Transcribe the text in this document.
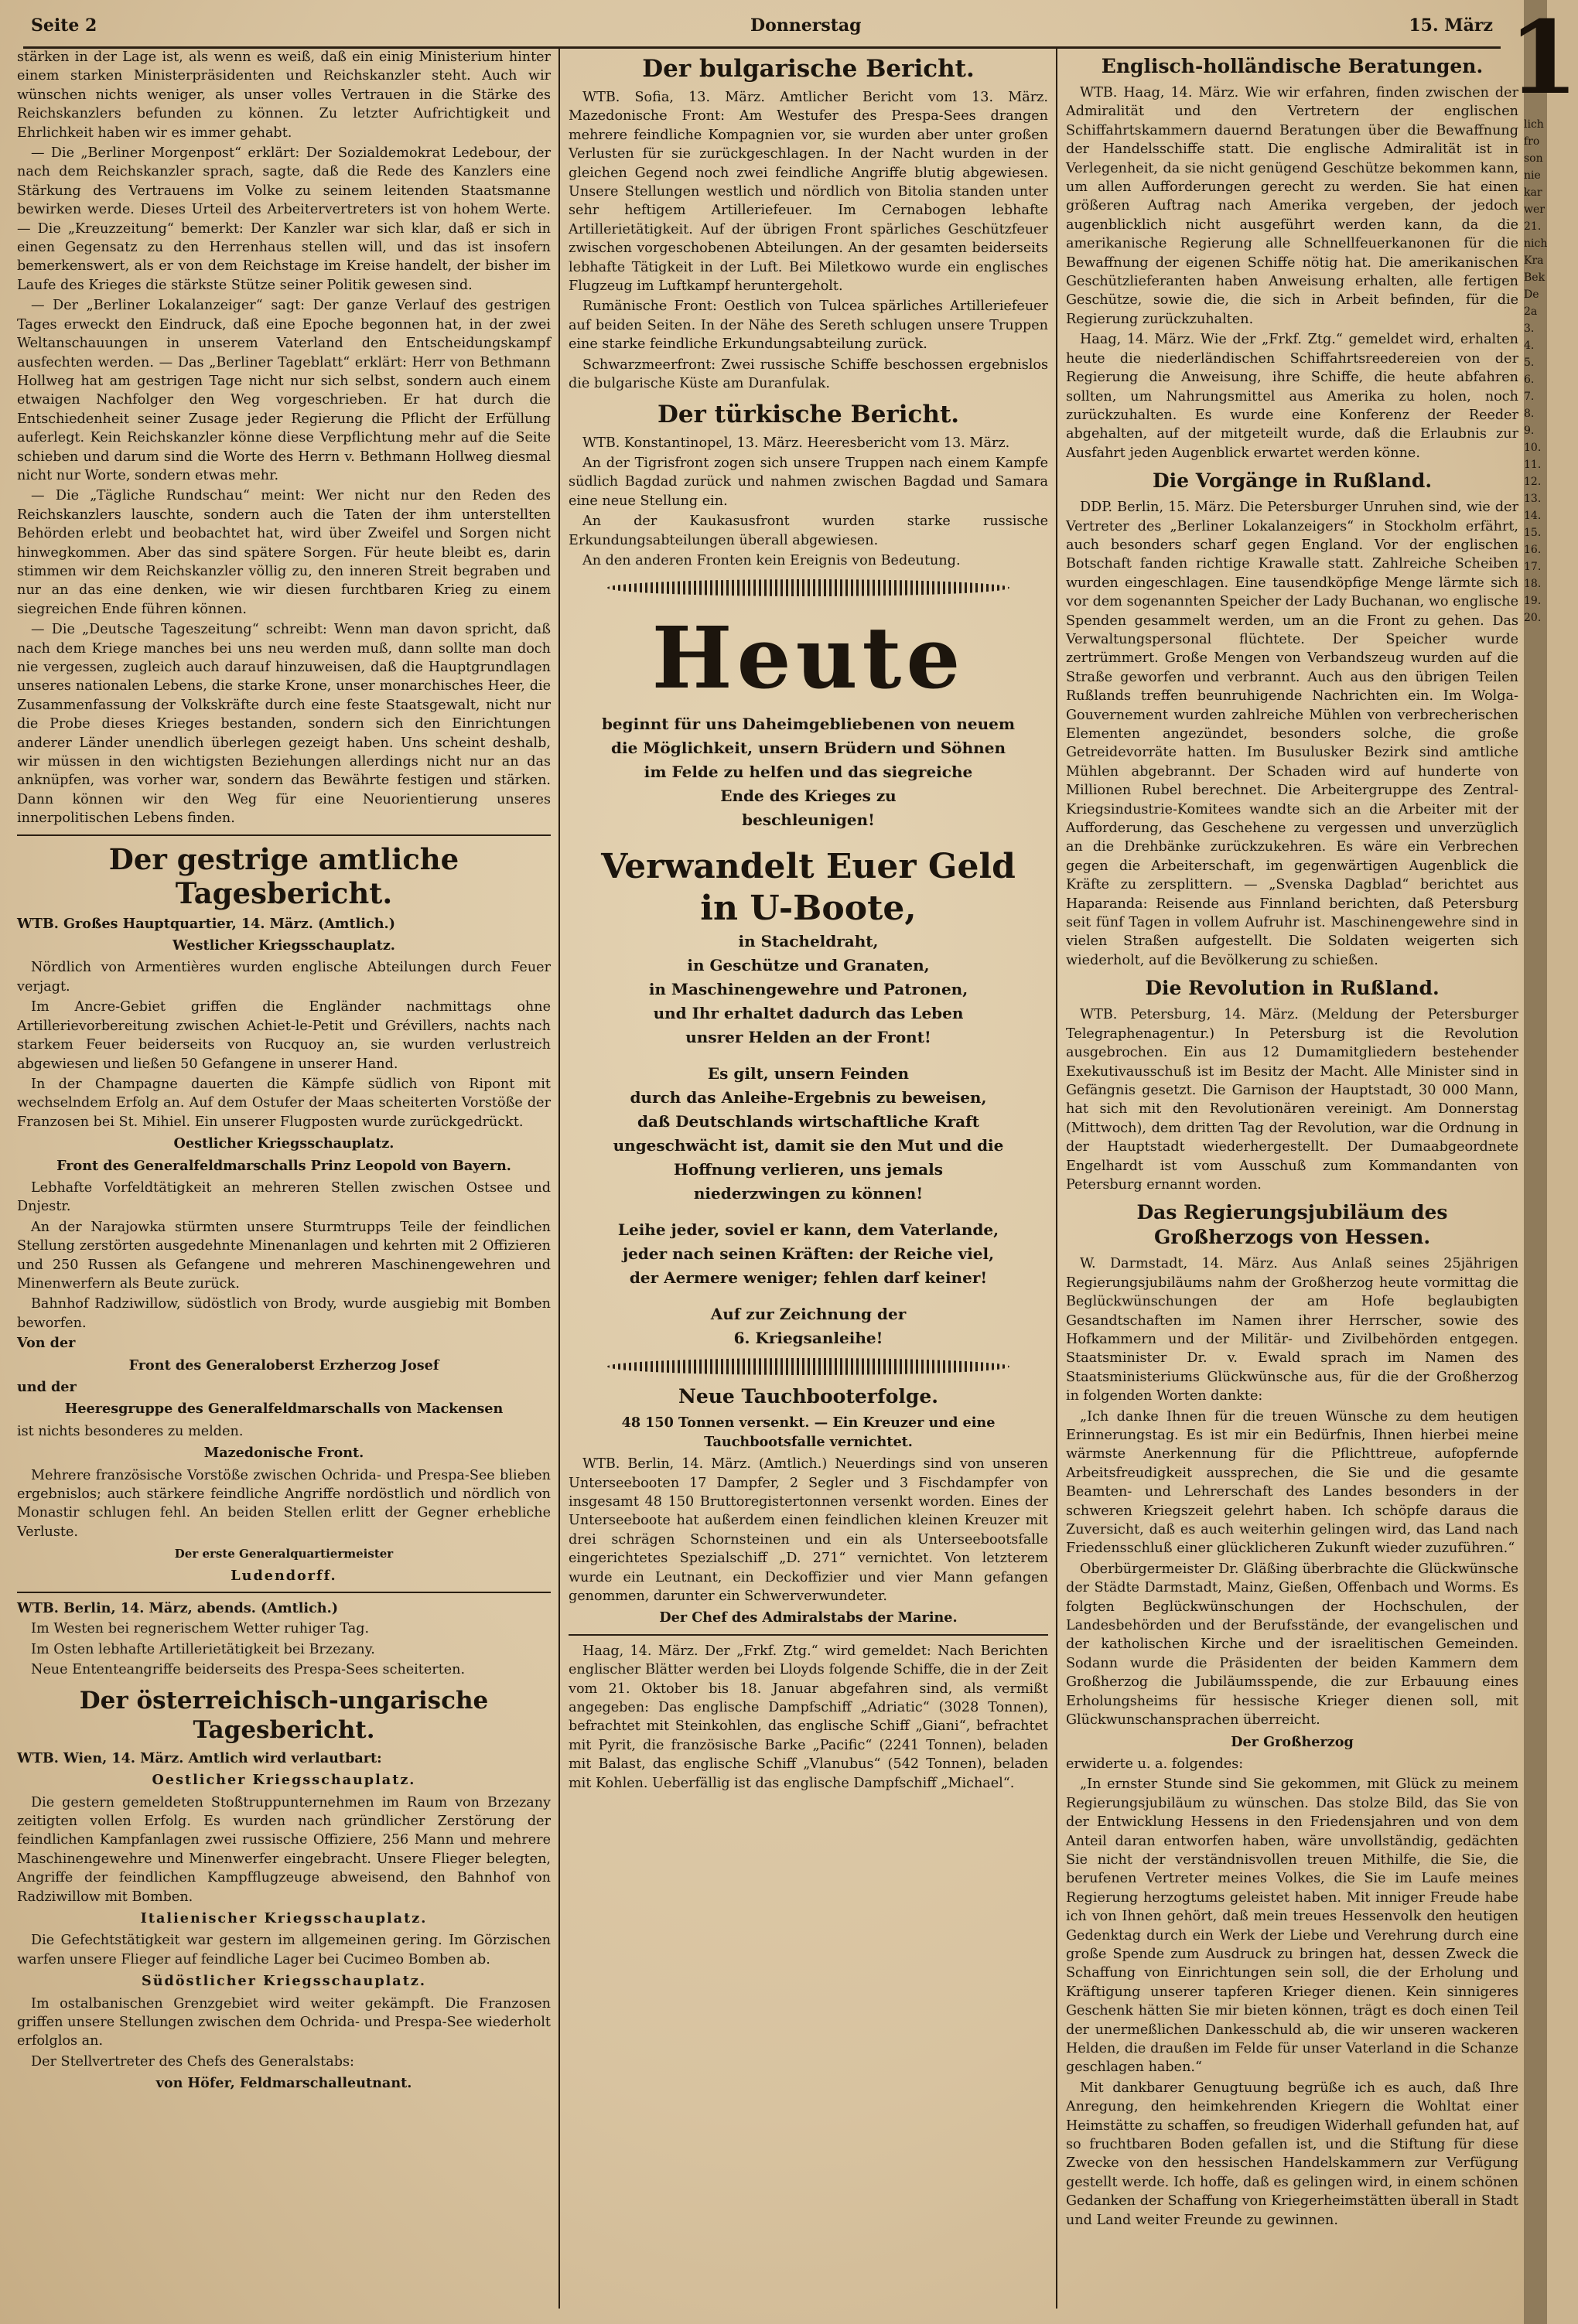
Seite 2	Donnerstag	15. März

stärken in der Lage ist, als wenn es weiß, daß ein einig Ministerium hinter einem starken Ministerpräsidenten und Reichskanzler steht. Auch wir wünschen nichts weniger, als unser volles Vertrauen in die Stärke des Reichskanzlers befunden zu können. Zu letzter Aufrichtigkeit und Ehrlichkeit haben wir es immer gehabt.

— Die „Berliner Morgenpost“ erklärt: Der Sozialdemokrat Ledebour, der nach dem Reichskanzler sprach, sagte, daß die Rede des Kanzlers eine Stärkung des Vertrauens im Volke zu seinem leitenden Staatsmanne bewirken werde. Dieses Urteil des Arbeitervertreters ist von hohem Werte. — Die „Kreuzzeitung“ bemerkt: Der Kanzler war sich klar, daß er sich in einen Gegensatz zu den Herrenhaus stellen will, und das ist insofern bemerkenswert, als er von dem Reichstage im Kreise handelt, der bisher im Laufe des Krieges die stärkste Stütze seiner Politik gewesen sind.

— Der „Berliner Lokalanzeiger“ sagt: Der ganze Verlauf des gestrigen Tages erweckt den Eindruck, daß eine Epoche begonnen hat, in der zwei Weltanschauungen in unserem Vaterland den Entscheidungskampf ausfechten werden. — Das „Berliner Tageblatt“ erklärt: Herr von Bethmann Hollweg hat am gestrigen Tage nicht nur sich selbst, sondern auch einem etwaigen Nachfolger den Weg vorgeschrieben. Er hat durch die Entschiedenheit seiner Zusage jeder Regierung die Pflicht der Erfüllung auferlegt. Kein Reichskanzler könne diese Verpflichtung mehr auf die Seite schieben und darum sind die Worte des Herrn v. Bethmann Hollweg diesmal nicht nur Worte, sondern etwas mehr.

— Die „Tägliche Rundschau“ meint: Wer nicht nur den Reden des Reichskanzlers lauschte, sondern auch die Taten der ihm unterstellten Behörden erlebt und beobachtet hat, wird über Zweifel und Sorgen nicht hinwegkommen. Aber das sind spätere Sorgen. Für heute bleibt es, darin stimmen wir dem Reichskanzler völlig zu, den inneren Streit begraben und nur an das eine denken, wie wir diesen furchtbaren Krieg zu einem siegreichen Ende führen können.

— Die „Deutsche Tageszeitung“ schreibt: Wenn man davon spricht, daß nach dem Kriege manches bei uns neu werden muß, dann sollte man doch nie vergessen, zugleich auch darauf hinzuweisen, daß die Hauptgrundlagen unseres nationalen Lebens, die starke Krone, unser monarchisches Heer, die Zusammenfassung der Volkskräfte durch eine feste Staatsgewalt, nicht nur die Probe dieses Krieges bestanden, sondern sich den Einrichtungen anderer Länder unendlich überlegen gezeigt haben. Uns scheint deshalb, wir müssen in den wichtigsten Beziehungen allerdings nicht nur an das anknüpfen, was vorher war, sondern das Bewährte festigen und stärken. Dann können wir den Weg für eine Neuorientierung unseres innerpolitischen Lebens finden.

Der gestrige amtliche Tagesbericht.

WTB. Großes Hauptquartier, 14. März. (Amtlich.)

Westlicher Kriegsschauplatz.

Nördlich von Armentières wurden englische Abteilungen durch Feuer verjagt.

Im Ancre-Gebiet griffen die Engländer nachmittags ohne Artillerievorbereitung zwischen Achiet-le-Petit und Grévillers, nachts nach starkem Feuer beiderseits von Rucquoy an, sie wurden verlustreich abgewiesen und ließen 50 Gefangene in unserer Hand.

In der Champagne dauerten die Kämpfe südlich von Ripont mit wechselndem Erfolg an. Auf dem Ostufer der Maas scheiterten Vorstöße der Franzosen bei St. Mihiel. Ein unserer Flugposten wurde zurückgedrückt.

Oestlicher Kriegsschauplatz.
Front des Generalfeldmarschalls Prinz Leopold von Bayern.

Lebhafte Vorfeldtätigkeit an mehreren Stellen zwischen Ostsee und Dnjestr.

An der Narajowka stürmten unsere Sturmtrupps Teile der feindlichen Stellung zerstörten ausgedehnte Minenanlagen und kehrten mit 2 Offizieren und 250 Russen als Gefangene und mehreren Maschinengewehren und Minenwerfern als Beute zurück.

Bahnhof Radziwillow, südöstlich von Brody, wurde ausgiebig mit Bomben beworfen.

Von der

Front des Generaloberst Erzherzog Josef

und der

Heeresgruppe des Generalfeldmarschalls von Mackensen

ist nichts besonderes zu melden.

Mazedonische Front.

Mehrere französische Vorstöße zwischen Ochrida- und Prespa-See blieben ergebnislos; auch stärkere feindliche Angriffe nordöstlich und nördlich von Monastir schlugen fehl. An beiden Stellen erlitt der Gegner erhebliche Verluste.

Der erste Generalquartiermeister
Ludendorff.

WTB. Berlin, 14. März, abends. (Amtlich.)

Im Westen bei regnerischem Wetter ruhiger Tag.

Im Osten lebhafte Artillerietätigkeit bei Brzezany.

Neue Ententeangriffe beiderseits des Prespa-Sees scheiterten.

Der österreichisch-ungarische Tagesbericht.

WTB. Wien, 14. März. Amtlich wird verlautbart:

Oestlicher Kriegsschauplatz.

Die gestern gemeldeten Stoßtruppunternehmen im Raum von Brzezany zeitigten vollen Erfolg. Es wurden nach gründlicher Zerstörung der feindlichen Kampfanlagen zwei russische Offiziere, 256 Mann und mehrere Maschinengewehre und Minenwerfer eingebracht. Unsere Flieger belegten, Angriffe der feindlichen Kampfflugzeuge abweisend, den Bahnhof von Radziwillow mit Bomben.

Italienischer Kriegsschauplatz.

Die Gefechtstätigkeit war gestern im allgemeinen gering. Im Görzischen warfen unsere Flieger auf feindliche Lager bei Cucimeo Bomben ab.

Südöstlicher Kriegsschauplatz.

Im ostalbanischen Grenzgebiet wird weiter gekämpft. Die Franzosen griffen unsere Stellungen zwischen dem Ochrida- und Prespa-See wiederholt erfolglos an.

Der Stellvertreter des Chefs des Generalstabs:

von Höfer, Feldmarschalleutnant.
Der bulgarische Bericht.

WTB. Sofia, 13. März. Amtlicher Bericht vom 13. März. Mazedonische Front: Am Westufer des Prespa-Sees drangen mehrere feindliche Kompagnien vor, sie wurden aber unter großen Verlusten für sie zurückgeschlagen. In der Nacht wurden in der gleichen Gegend noch zwei feindliche Angriffe blutig abgewiesen. Unsere Stellungen westlich und nördlich von Bitolia standen unter sehr heftigem Artilleriefeuer. Im Cernabogen lebhafte Artillerietätigkeit. Auf der übrigen Front spärliches Geschützfeuer zwischen vorgeschobenen Abteilungen. An der gesamten beiderseits lebhafte Tätigkeit in der Luft. Bei Miletkowo wurde ein englisches Flugzeug im Luftkampf heruntergeholt.

Rumänische Front: Oestlich von Tulcea spärliches Artilleriefeuer auf beiden Seiten. In der Nähe des Sereth schlugen unsere Truppen eine starke feindliche Erkundungsabteilung zurück.

Schwarzmeerfront: Zwei russische Schiffe beschossen ergebnislos die bulgarische Küste am Duranfulak.

Der türkische Bericht.

WTB. Konstantinopel, 13. März. Heeresbericht vom 13. März.

An der Tigrisfront zogen sich unsere Truppen nach einem Kampfe südlich Bagdad zurück und nahmen zwischen Bagdad und Samara eine neue Stellung ein.

An der Kaukasusfront wurden starke russische Erkundungsabteilungen überall abgewiesen.

An den anderen Fronten kein Ereignis von Bedeutung.

Heute
beginnt für uns Daheimgebliebenen von neuem
die Möglichkeit, unsern Brüdern und Söhnen
im Felde zu helfen und das siegreiche
Ende des Krieges zu
beschleunigen!
Verwandelt Euer Geld
in U-Boote,
in Stacheldraht,
in Geschütze und Granaten,
in Maschinengewehre und Patronen,
und Ihr erhaltet dadurch das Leben
unsrer Helden an der Front!
Es gilt, unsern Feinden
durch das Anleihe-Ergebnis zu beweisen,
daß Deutschlands wirtschaftliche Kraft
ungeschwächt ist, damit sie den Mut und die
Hoffnung verlieren, uns jemals
niederzwingen zu können!
Leihe jeder, soviel er kann, dem Vaterlande,
jeder nach seinen Kräften: der Reiche viel,
der Aermere weniger; fehlen darf keiner!
Auf zur Zeichnung der
6. Kriegsanleihe!
Neue Tauchbooterfolge.
48 150 Tonnen versenkt. — Ein Kreuzer und eine Tauchbootsfalle vernichtet.

WTB. Berlin, 14. März. (Amtlich.) Neuerdings sind von unseren Unterseebooten 17 Dampfer, 2 Segler und 3 Fischdampfer von insgesamt 48 150 Bruttoregistertonnen versenkt worden. Eines der Unterseeboote hat außerdem einen feindlichen kleinen Kreuzer mit drei schrägen Schornsteinen und ein als Unterseebootsfalle eingerichtetes Spezialschiff „D. 271“ vernichtet. Von letzterem wurde ein Leutnant, ein Deckoffizier und vier Mann gefangen genommen, darunter ein Schwerverwundeter.

Der Chef des Admiralstabs der Marine.

Haag, 14. März. Der „Frkf. Ztg.“ wird gemeldet: Nach Berichten englischer Blätter werden bei Lloyds folgende Schiffe, die in der Zeit vom 21. Oktober bis 18. Januar abgefahren sind, als vermißt angegeben: Das englische Dampfschiff „Adriatic“ (3028 Tonnen), befrachtet mit Steinkohlen, das englische Schiff „Giani“, befrachtet mit Pyrit, die französische Barke „Pacific“ (2241 Tonnen), beladen mit Balast, das englische Schiff „Vlanubus“ (542 Tonnen), beladen mit Kohlen. Ueberfällig ist das englische Dampfschiff „Michael“.

Englisch-holländische Beratungen.

WTB. Haag, 14. März. Wie wir erfahren, finden zwischen der Admiralität und den Vertretern der englischen Schiffahrtskammern dauernd Beratungen über die Bewaffnung der Handelsschiffe statt. Die englische Admiralität ist in Verlegenheit, da sie nicht genügend Geschütze bekommen kann, um allen Aufforderungen gerecht zu werden. Sie hat einen größeren Auftrag nach Amerika vergeben, der jedoch augenblicklich nicht ausgeführt werden kann, da die amerikanische Regierung alle Schnellfeuerkanonen für die Bewaffnung der eigenen Schiffe nötig hat. Die amerikanischen Geschützlieferanten haben Anweisung erhalten, alle fertigen Geschütze, sowie die, die sich in Arbeit befinden, für die Regierung zurückzuhalten.

Haag, 14. März. Wie der „Frkf. Ztg.“ gemeldet wird, erhalten heute die niederländischen Schiffahrtsreedereien von der Regierung die Anweisung, ihre Schiffe, die heute abfahren sollten, um Nahrungsmittel aus Amerika zu holen, noch zurückzuhalten. Es wurde eine Konferenz der Reeder abgehalten, auf der mitgeteilt wurde, daß die Erlaubnis zur Ausfahrt jeden Augenblick erwartet werden könne.

Die Vorgänge in Rußland.

DDP. Berlin, 15. März. Die Petersburger Unruhen sind, wie der Vertreter des „Berliner Lokalanzeigers“ in Stockholm erfährt, auch besonders scharf gegen England. Vor der englischen Botschaft fanden richtige Krawalle statt. Zahlreiche Scheiben wurden eingeschlagen. Eine tausendköpfige Menge lärmte sich vor dem sogenannten Speicher der Lady Buchanan, wo englische Spenden gesammelt werden, um an die Front zu gehen. Das Verwaltungspersonal flüchtete. Der Speicher wurde zertrümmert. Große Mengen von Verbandszeug wurden auf die Straße geworfen und verbrannt. Auch aus den übrigen Teilen Rußlands treffen beunruhigende Nachrichten ein. Im Wolga-Gouvernement wurden zahlreiche Mühlen von verbrecherischen Elementen angezündet, besonders solche, die große Getreidevorräte hatten. Im Busulusker Bezirk sind amtliche Mühlen abgebrannt. Der Schaden wird auf hunderte von Millionen Rubel berechnet. Die Arbeitergruppe des Zentral-Kriegsindustrie-Komitees wandte sich an die Arbeiter mit der Aufforderung, das Geschehene zu vergessen und unverzüglich an die Drehbänke zurückzukehren. Es wäre ein Verbrechen gegen die Arbeiterschaft, im gegenwärtigen Augenblick die Kräfte zu zersplittern. — „Svenska Dagblad“ berichtet aus Haparanda: Reisende aus Finnland berichten, daß Petersburg seit fünf Tagen in vollem Aufruhr ist. Maschinengewehre sind in vielen Straßen aufgestellt. Die Soldaten weigerten sich wiederholt, auf die Bevölkerung zu schießen.

Die Revolution in Rußland.

WTB. Petersburg, 14. März. (Meldung der Petersburger Telegraphenagentur.) In Petersburg ist die Revolution ausgebrochen. Ein aus 12 Dumamitgliedern bestehender Exekutivausschuß ist im Besitz der Macht. Alle Minister sind in Gefängnis gesetzt. Die Garnison der Hauptstadt, 30 000 Mann, hat sich mit den Revolutionären vereinigt. Am Donnerstag (Mittwoch), dem dritten Tag der Revolution, war die Ordnung in der Hauptstadt wiederhergestellt. Der Dumaabgeordnete Engelhardt ist vom Ausschuß zum Kommandanten von Petersburg ernannt worden.

Das Regierungsjubiläum des Großherzogs von Hessen.

W. Darmstadt, 14. März. Aus Anlaß seines 25jährigen Regierungsjubiläums nahm der Großherzog heute vormittag die Beglückwünschungen der am Hofe beglaubigten Gesandtschaften im Namen ihrer Herrscher, sowie des Hofkammern und der Militär- und Zivilbehörden entgegen. Staatsminister Dr. v. Ewald sprach im Namen des Staatsministeriums Glückwünsche aus, für die der Großherzog in folgenden Worten dankte:

„Ich danke Ihnen für die treuen Wünsche zu dem heutigen Erinnerungstag. Es ist mir ein Bedürfnis, Ihnen hierbei meine wärmste Anerkennung für die Pflichttreue, aufopfernde Arbeitsfreudigkeit aussprechen, die Sie und die gesamte Beamten- und Lehrerschaft des Landes besonders in der schweren Kriegszeit gelehrt haben. Ich schöpfe daraus die Zuversicht, daß es auch weiterhin gelingen wird, das Land nach Friedensschluß einer glücklicheren Zukunft wieder zuzuführen.“

Oberbürgermeister Dr. Gläßing überbrachte die Glückwünsche der Städte Darmstadt, Mainz, Gießen, Offenbach und Worms. Es folgten Beglückwünschungen der Hochschulen, der Landesbehörden und der Berufsstände, der evangelischen und der katholischen Kirche und der israelitischen Gemeinden. Sodann wurde die Präsidenten der beiden Kammern dem Großherzog die Jubiläumsspende, die zur Erbauung eines Erholungsheims für hessische Krieger dienen soll, mit Glückwunschansprachen überreicht.

Der Großherzog

erwiderte u. a. folgendes:

„In ernster Stunde sind Sie gekommen, mit Glück zu meinem Regierungsjubiläum zu wünschen. Das stolze Bild, das Sie von der Entwicklung Hessens in den Friedensjahren und von dem Anteil daran entworfen haben, wäre unvollständig, gedächten Sie nicht der verständnisvollen treuen Mithilfe, die Sie, die berufenen Vertreter meines Volkes, die Sie im Laufe meines Regierung herzogtums geleistet haben. Mit inniger Freude habe ich von Ihnen gehört, daß mein treues Hessenvolk den heutigen Gedenktag durch ein Werk der Liebe und Verehrung durch eine große Spende zum Ausdruck zu bringen hat, dessen Zweck die Schaffung von Einrichtungen sein soll, die der Erholung und Kräftigung unserer tapferen Krieger dienen. Kein sinnigeres Geschenk hätten Sie mir bieten können, trägt es doch einen Teil der unermeßlichen Dankesschuld ab, die wir unseren wackeren Helden, die draußen im Felde für unser Vaterland in die Schanze geschlagen haben.“

Mit dankbarer Genugtuung begrüße ich es auch, daß Ihre Anregung, den heimkehrenden Kriegern die Wohltat einer Heimstätte zu schaffen, so freudigen Widerhall gefunden hat, auf so fruchtbaren Boden gefallen ist, und die Stiftung für diese Zwecke von den hessischen Handelskammern zur Verfügung gestellt werde. Ich hoffe, daß es gelingen wird, in einem schönen Gedanken der Schaffung von Kriegerheimstätten überall in Stadt und Land weiter Freunde zu gewinnen.

1
lich
fro
son
nie
kar
wer
21.
nich
Kra
Bek
De
2a
3.
4.
5.
6.
7.
8.
9.
10.
11.
12.
13.
14.
15.
16.
17.
18.
19.
20.
